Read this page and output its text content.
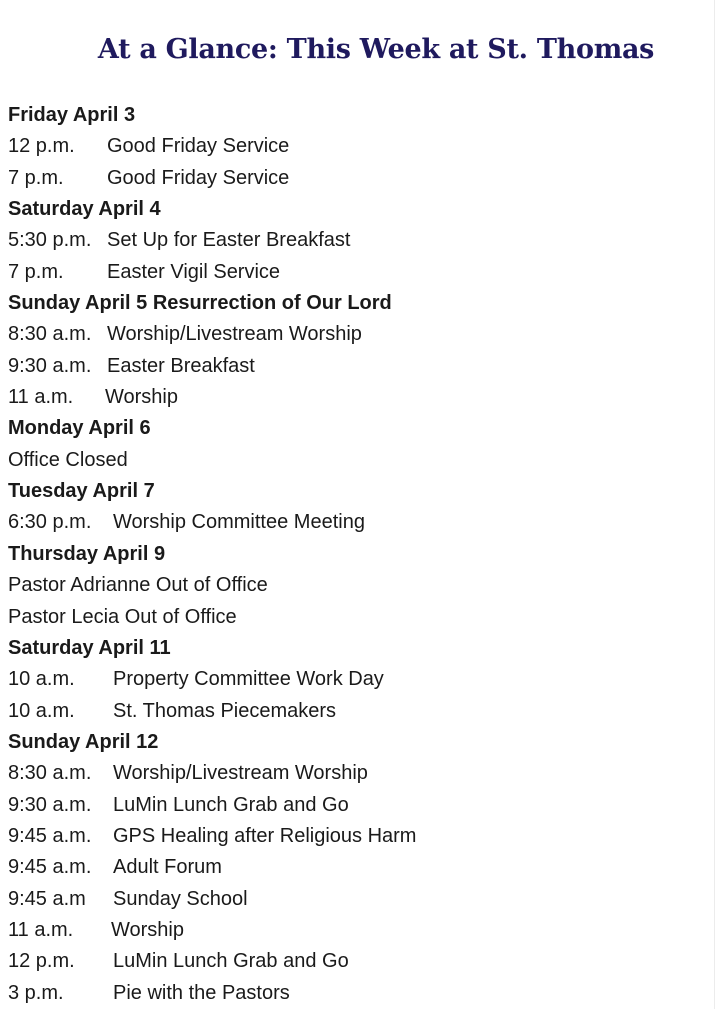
At a Glance: This Week at St. Thomas
Friday April 3
12 p.m. Good Friday Service
7 p.m. Good Friday Service
Saturday April 4
5:30 p.m. Set Up for Easter Breakfast
7 p.m. Easter Vigil Service
Sunday April 5 Resurrection of Our Lord
8:30 a.m. Worship/Livestream Worship
9:30 a.m. Easter Breakfast
11 a.m. Worship
Monday April 6
Office Closed
Tuesday April 7
6:30 p.m. Worship Committee Meeting
Thursday April 9
Pastor Adrianne Out of Office
Pastor Lecia Out of Office
Saturday April 11
10 a.m. Property Committee Work Day
10 a.m. St. Thomas Piecemakers
Sunday April 12
8:30 a.m. Worship/Livestream Worship
9:30 a.m. LuMin Lunch Grab and Go
9:45 a.m. GPS Healing after Religious Harm
9:45 a.m. Adult Forum
9:45 a.m Sunday School
11 a.m. Worship
12 p.m. LuMin Lunch Grab and Go
3 p.m. Pie with the Pastors
